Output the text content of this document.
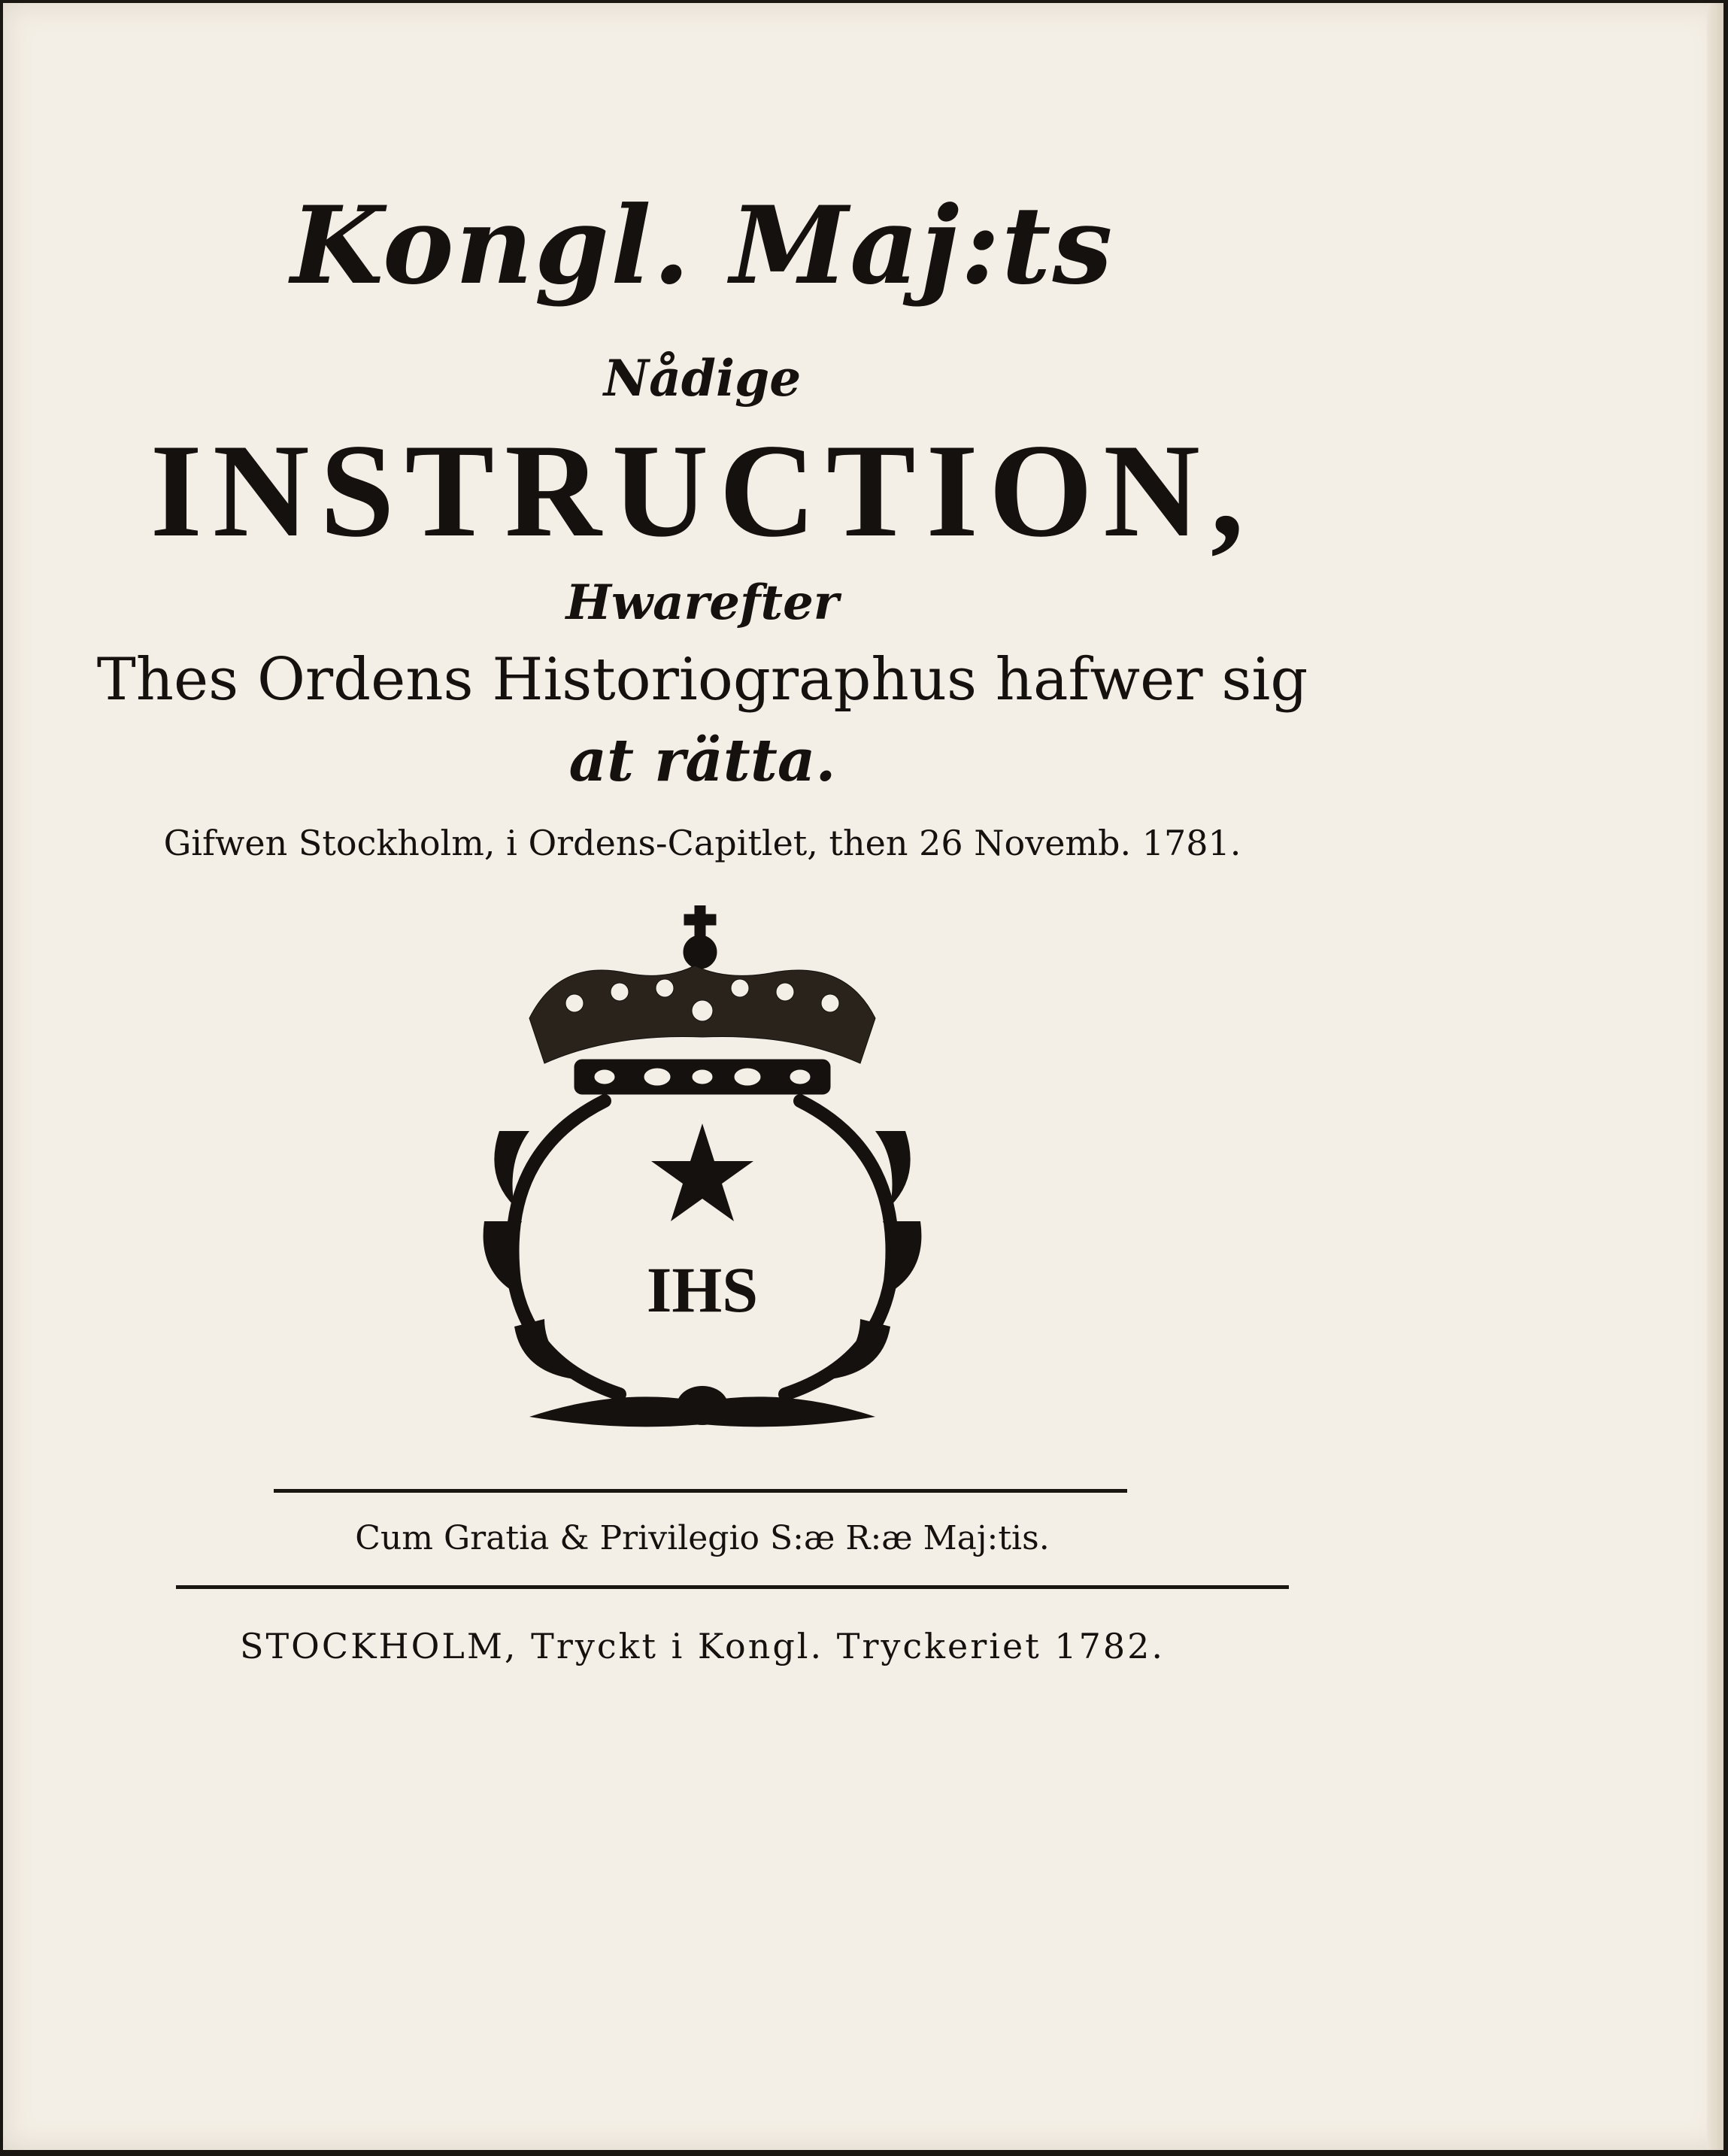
Kongl. Maj:ts
Nådige
INSTRUCTION,
Hwarefter
Thes Ordens Historiographus hafwer sig
at rätta.
Gifwen Stockholm, i Ordens-Capitlet, then 26 Novemb. 1781.
IHS
Cum Gratia & Privilegio S:æ R:æ Maj:tis.
STOCKHOLM, Tryckt i Kongl. Tryckeriet 1782.
